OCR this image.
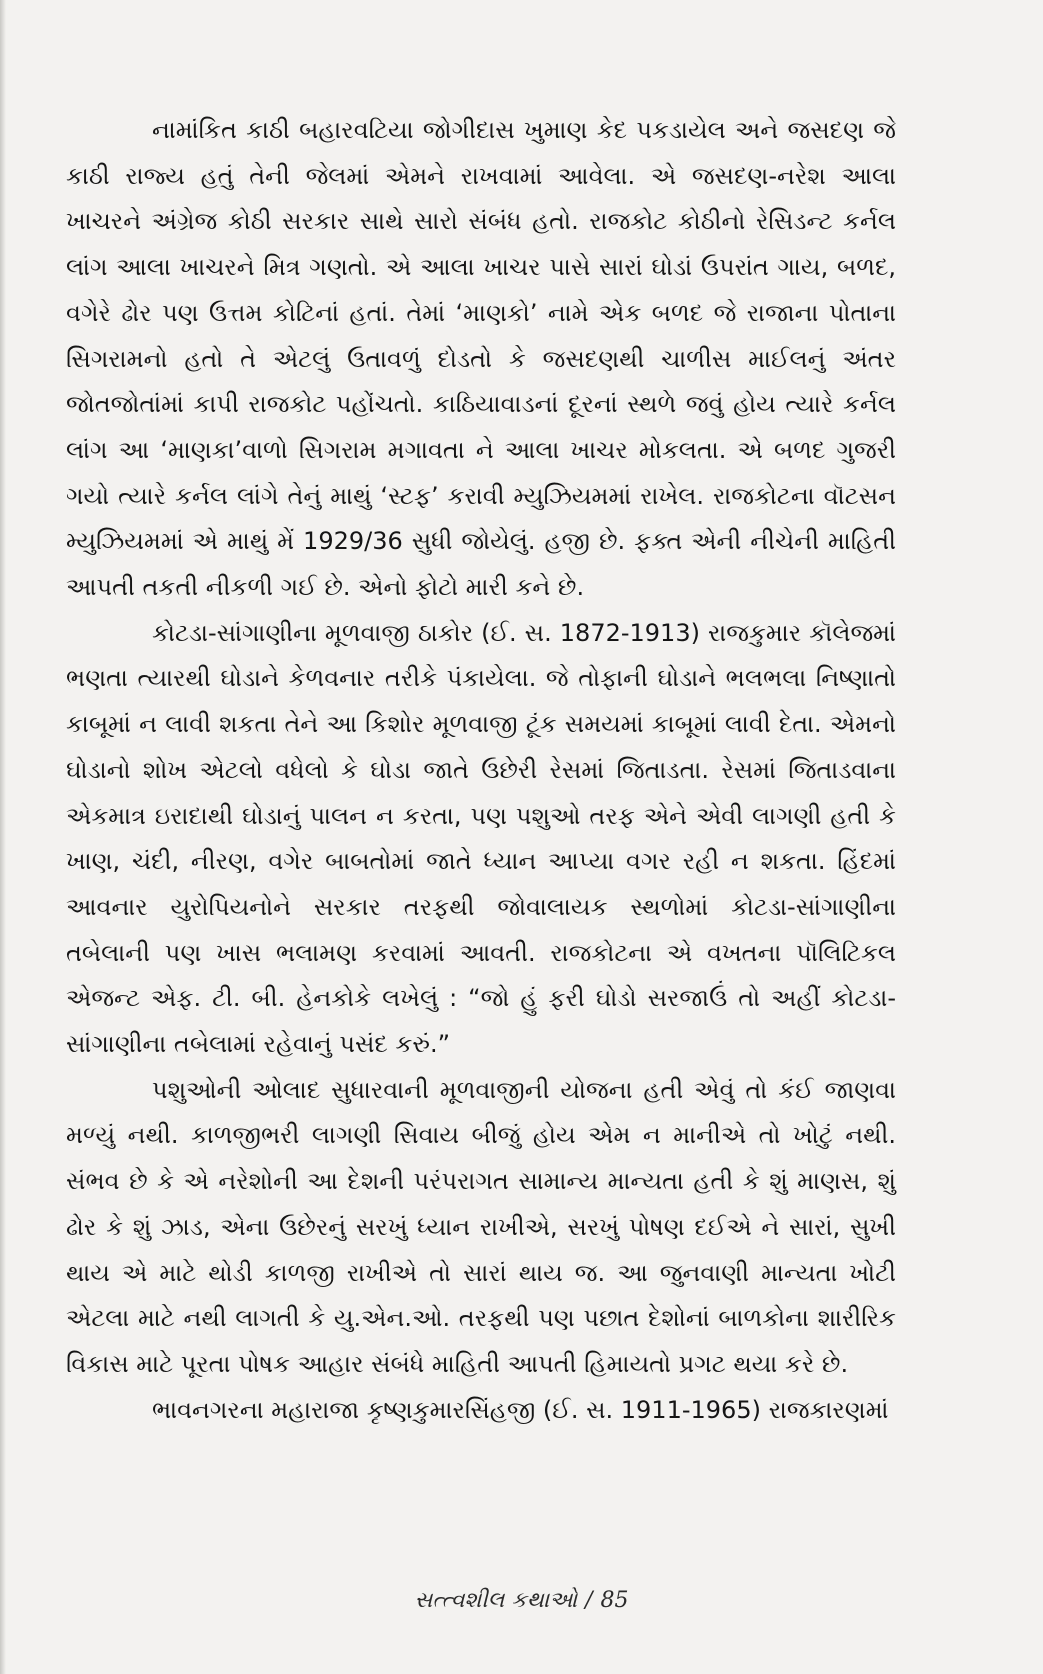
નામાંકિત કાઠી બહારવટિયા જોગીદાસ ખુમાણ કેદ પકડાયેલ અને જસદણ જે કાઠી રાજ્ય હતું તેની જેલમાં એમને રાખવામાં આવેલા. એ જસદણ-નરેશ આલા ખાચરને અંગ્રેજ કોઠી સરકાર સાથે સારો સંબંધ હતો. રાજકોટ કોઠીનો રેસિડન્ટ કર્નલ લાંગ આલા ખાચરને મિત્ર ગણતો. એ આલા ખાચર પાસે સારાં ઘોડાં ઉપરાંત ગાય, બળદ, વગેરે ઢોર પણ ઉત્તમ કોટિનાં હતાં. તેમાં ‘માણકો’ નામે એક બળદ જે રાજાના પોતાના સિગરામનો હતો તે એટલું ઉતાવળું દોડતો કે જસદણથી ચાળીસ માઈલનું અંતર જોતજોતાંમાં કાપી રાજકોટ પહોંચતો. કાઠિયાવાડનાં દૂરનાં સ્થળે જવું હોય ત્યારે કર્નલ લાંગ આ ‘માણકા’વાળો સિગરામ મગાવતા ને આલા ખાચર મોકલતા. એ બળદ ગુજરી ગયો ત્યારે કર્નલ લાંગે તેનું માથું ‘સ્ટફ’ કરાવી મ્યુઝિયમમાં રાખેલ. રાજકોટના વૉટસન મ્યુઝિયમમાં એ માથું મેં 1929/36 સુધી જોયેલું. હજી છે. ફક્ત એની નીચેની માહિતી આપતી તકતી નીકળી ગઈ છે. એનો ફોટો મારી કને છે.

કોટડા-સાંગાણીના મૂળવાજી ઠાકોર (ઈ. સ. 1872-1913) રાજકુમાર કૉલેજમાં ભણતા ત્યારથી ઘોડાને કેળવનાર તરીકે પંકાયેલા. જે તોફાની ઘોડાને ભલભલા નિષ્ણાતો કાબૂમાં ન લાવી શકતા તેને આ કિશોર મૂળવાજી ટૂંક સમયમાં કાબૂમાં લાવી દેતા. એમનો ઘોડાનો શોખ એટલો વધેલો કે ઘોડા જાતે ઉછેરી રેસમાં જિતાડતા. રેસમાં જિતાડવાના એકમાત્ર ઇરાદાથી ઘોડાનું પાલન ન કરતા, પણ પશુઓ તરફ એને એવી લાગણી હતી કે ખાણ, ચંદી, નીરણ, વગેર બાબતોમાં જાતે ધ્યાન આપ્યા વગર રહી ન શકતા. હિંદમાં આવનાર યુરોપિયનોને સરકાર તરફથી જોવાલાયક સ્થળોમાં કોટડા-સાંગાણીના તબેલાની પણ ખાસ ભલામણ કરવામાં આવતી. રાજકોટના એ વખતના પૉલિટિકલ એજન્ટ એફ. ટી. બી. હેનકોકે લખેલું : “જો હું ફરી ઘોડો સરજાઉં તો અહીં કોટડા-સાંગાણીના તબેલામાં રહેવાનું પસંદ કરું.”

પશુઓની ઓલાદ સુધારવાની મૂળવાજીની યોજના હતી એવું તો કંઈ જાણવા મળ્યું નથી. કાળજીભરી લાગણી સિવાય બીજું હોય એમ ન માનીએ તો ખોટું નથી. સંભવ છે કે એ નરેશોની આ દેશની પરંપરાગત સામાન્ય માન્યતા હતી કે શું માણસ, શું ઢોર કે શું ઝાડ, એના ઉછેરનું સરખું ધ્યાન રાખીએ, સરખું પોષણ દઈએ ને સારાં, સુખી થાય એ માટે થોડી કાળજી રાખીએ તો સારાં થાય જ. આ જુનવાણી માન્યતા ખોટી એટલા માટે નથી લાગતી કે યુ.એન.ઓ. તરફથી પણ પછાત દેશોનાં બાળકોના શારીરિક વિકાસ માટે પૂરતા પોષક આહાર સંબંધે માહિતી આપતી હિમાયતો પ્રગટ થયા કરે છે.

ભાવનગરના મહારાજા કૃષ્ણકુમારસિંહજી (ઈ. સ. 1911-1965) રાજકારણમાં

સત્ત્વશીલ કથાઓ / 85
